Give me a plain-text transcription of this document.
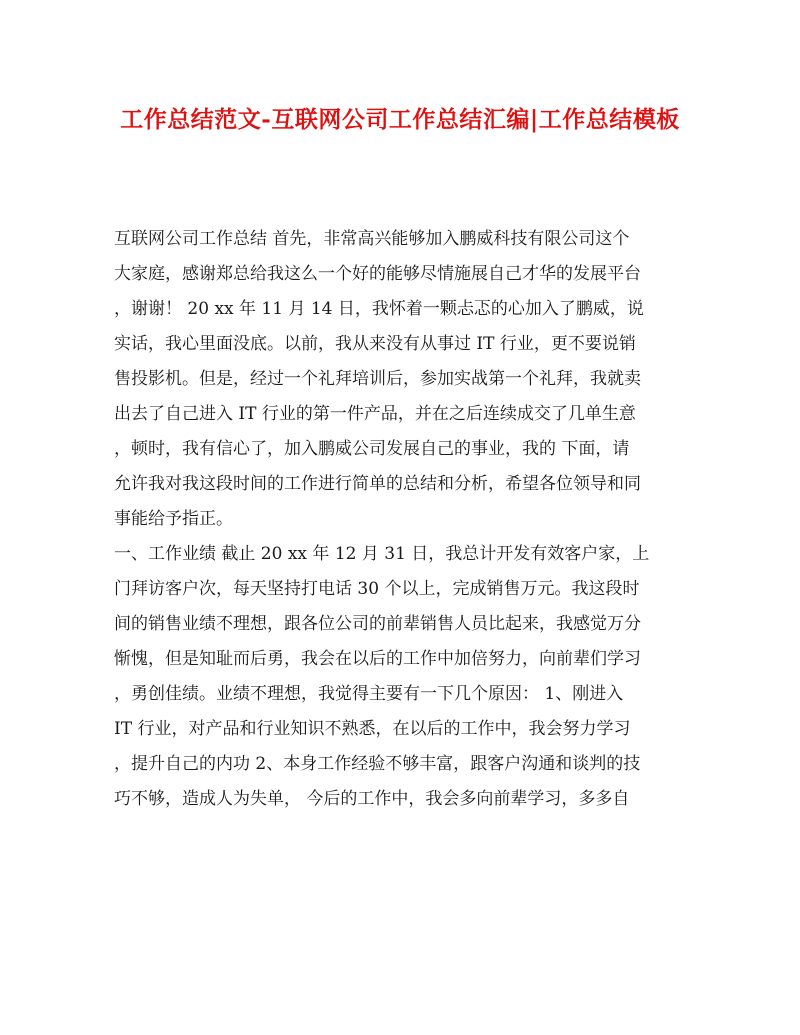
工作总结范文-互联网公司工作总结汇编|工作总结模板
互联网公司工作总结 首先，非常高兴能够加入鹏威科技有限公司这个
大家庭，感谢郑总给我这么一个好的能够尽情施展自己才华的发展平台
，谢谢！ 20 xx 年 11 月 14 日，我怀着一颗忐忑的心加入了鹏威，说
实话，我心里面没底。以前，我从来没有从事过 IT 行业，更不要说销
售投影机。但是，经过一个礼拜培训后，参加实战第一个礼拜，我就卖
出去了自己进入 IT 行业的第一件产品，并在之后连续成交了几单生意
，顿时，我有信心了，加入鹏威公司发展自己的事业，我的 下面，请
允许我对我这段时间的工作进行简单的总结和分析，希望各位领导和同
事能给予指正。
一、工作业绩 截止 20 xx 年 12 月 31 日，我总计开发有效客户家，上
门拜访客户次，每天坚持打电话 30 个以上，完成销售万元。我这段时
间的销售业绩不理想，跟各位公司的前辈销售人员比起来，我感觉万分
惭愧，但是知耻而后勇，我会在以后的工作中加倍努力，向前辈们学习
，勇创佳绩。业绩不理想，我觉得主要有一下几个原因： 1、刚进入
IT 行业，对产品和行业知识不熟悉，在以后的工作中，我会努力学习
，提升自己的内功 2、本身工作经验不够丰富，跟客户沟通和谈判的技
巧不够，造成人为失单， 今后的工作中，我会多向前辈学习，多多自
